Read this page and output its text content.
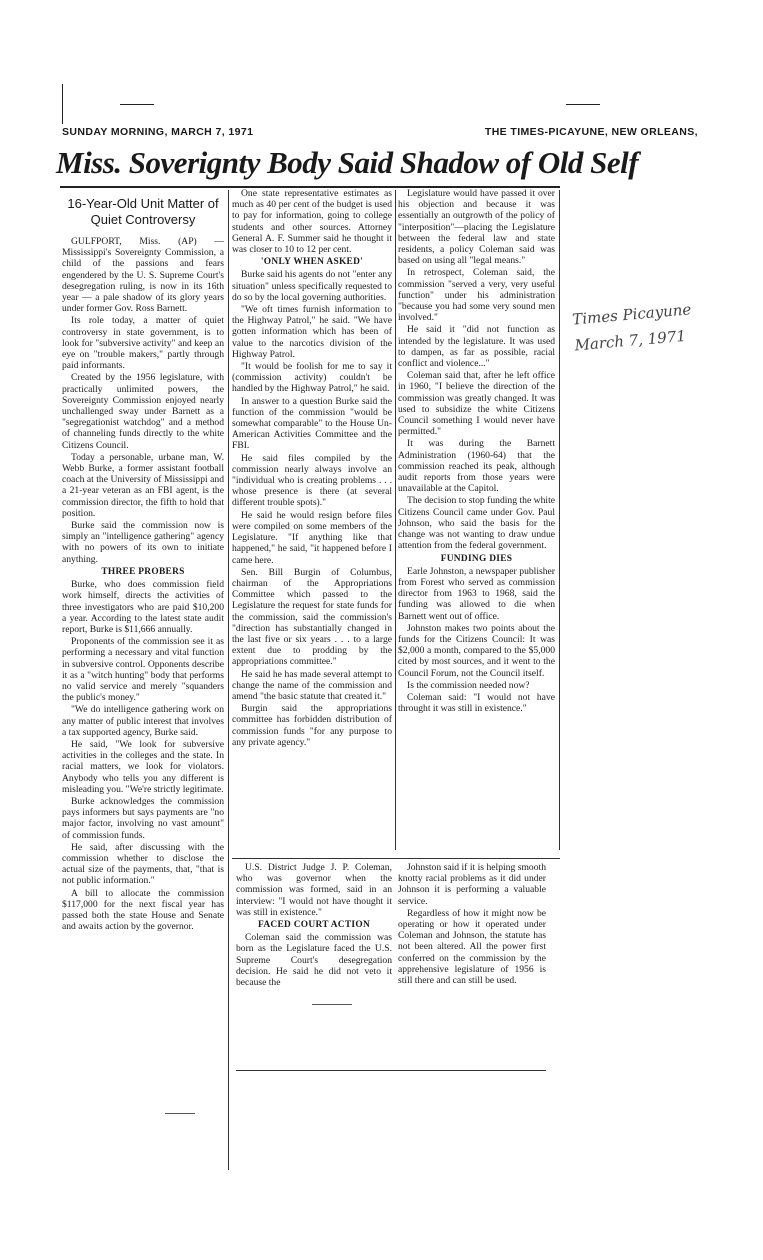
SUNDAY MORNING, MARCH 7, 1971	THE TIMES-PICAYUNE, NEW ORLEANS,
Miss. Soverignty Body Said Shadow of Old Self
16-Year-Old Unit Matter of Quiet Controversy

GULFPORT, Miss. (AP) — Mississippi's Sovereignty Commission, a child of the passions and fears engendered by the U. S. Supreme Court's desegregation ruling, is now in its 16th year — a pale shadow of its glory years under former Gov. Ross Barnett.

Its role today, a matter of quiet controversy in state government, is to look for "subversive activity" and keep an eye on "trouble makers," partly through paid informants.

Created by the 1956 legislature, with practically unlimited powers, the Sovereignty Commission enjoyed nearly unchallenged sway under Barnett as a "segregationist watchdog" and a method of channeling funds directly to the white Citizens Council.

Today a personable, urbane man, W. Webb Burke, a former assistant football coach at the University of Mississippi and a 21-year veteran as an FBI agent, is the commission director, the fifth to hold that position.

Burke said the commission now is simply an "intelligence gathering" agency with no powers of its own to initiate anything.

THREE PROBERS

Burke, who does commission field work himself, directs the activities of three investigators who are paid $10,200 a year. According to the latest state audit report, Burke is $11,666 annually.

Proponents of the commission see it as performing a necessary and vital function in subversive control. Opponents describe it as a "witch hunting" body that performs no valid service and merely "squanders the public's money."

"We do intelligence gathering work on any matter of public interest that involves a tax supported agency, Burke said.

He said, "We look for subversive activities in the colleges and the state. In racial matters, we look for violators. Anybody who tells you any different is misleading you. "We're strictly legitimate.

Burke acknowledges the commission pays informers but says payments are "no major factor, involving no vast amount" of commission funds.

He said, after discussing with the commission whether to disclose the actual size of the payments, that, "that is not public information."

A bill to allocate the commission $117,000 for the next fiscal year has passed both the state House and Senate and awaits action by the governor.

One state representative estimates as much as 40 per cent of the budget is used to pay for information, going to college students and other sources. Attorney General A. F. Summer said he thought it was closer to 10 to 12 per cent.

'ONLY WHEN ASKED'

Burke said his agents do not "enter any situation" unless specifically requested to do so by the local governing authorities.

"We oft times furnish information to the Highway Patrol," he said. "We have gotten information which has been of value to the narcotics division of the Highway Patrol.

"It would be foolish for me to say it (commission activity) couldn't be handled by the Highway Patrol," he said.

In answer to a question Burke said the function of the commission "would be somewhat comparable" to the House Un-American Activities Committee and the FBI.

He said files compiled by the commission nearly always involve an "individual who is creating problems . . . whose presence is there (at several different trouble spots)."

He said he would resign before files were compiled on some members of the Legislature. "If anything like that happened," he said, "it happened before I came here.

Sen. Bill Burgin of Columbus, chairman of the Appropriations Committee which passed to the Legislature the request for state funds for the commission, said the commission's "direction has substantially changed in the last five or six years . . . to a large extent due to prodding by the appropriations committee."

He said he has made several attempt to change the name of the commission and amend "the basic statute that created it."

Burgin said the appropriations committee has forbidden distribution of commission funds "for any purpose to any private agency."

Legislature would have passed it over his objection and because it was essentially an outgrowth of the policy of "interposition"—placing the Legislature between the federal law and state residents, a policy Coleman said was based on using all "legal means."

In retrospect, Coleman said, the commission "served a very, very useful function" under his administration "because you had some very sound men involved."

He said it "did not function as intended by the legislature. It was used to dampen, as far as possible, racial conflict and violence..."

Coleman said that, after he left office in 1960, "I believe the direction of the commission was greatly changed. It was used to subsidize the white Citizens Council something I would never have permitted."

It was during the Barnett Administration (1960-64) that the commission reached its peak, although audit reports from those years were unavailable at the Capitol.

The decision to stop funding the white Citizens Council came under Gov. Paul Johnson, who said the basis for the change was not wanting to draw undue attention from the federal government.

FUNDING DIES

Earle Johnston, a newspaper publisher from Forest who served as commission director from 1963 to 1968, said the funding was allowed to die when Barnett went out of office.

Johnston makes two points about the funds for the Citizens Council: It was $2,000 a month, compared to the $5,000 cited by most sources, and it went to the Council Forum, not the Council itself.

Is the commission needed now?

Coleman said: "I would not have throught it was still in existence."

U.S. District Judge J. P. Coleman, who was governor when the commission was formed, said in an interview: "I would not have thought it was still in existence."

FACED COURT ACTION

Coleman said the commission was born as the Legislature faced the U.S. Supreme Court's desegregation decision. He said he did not veto it because the

Johnston said if it is helping smooth knotty racial problems as it did under Johnson it is performing a valuable service.

Regardless of how it might now be operating or how it operated under Coleman and Johnson, the statute has not been altered. All the power first conferred on the commission by the apprehensive legislature of 1956 is still there and can still be used.

Times Picayune
March 7, 1971
